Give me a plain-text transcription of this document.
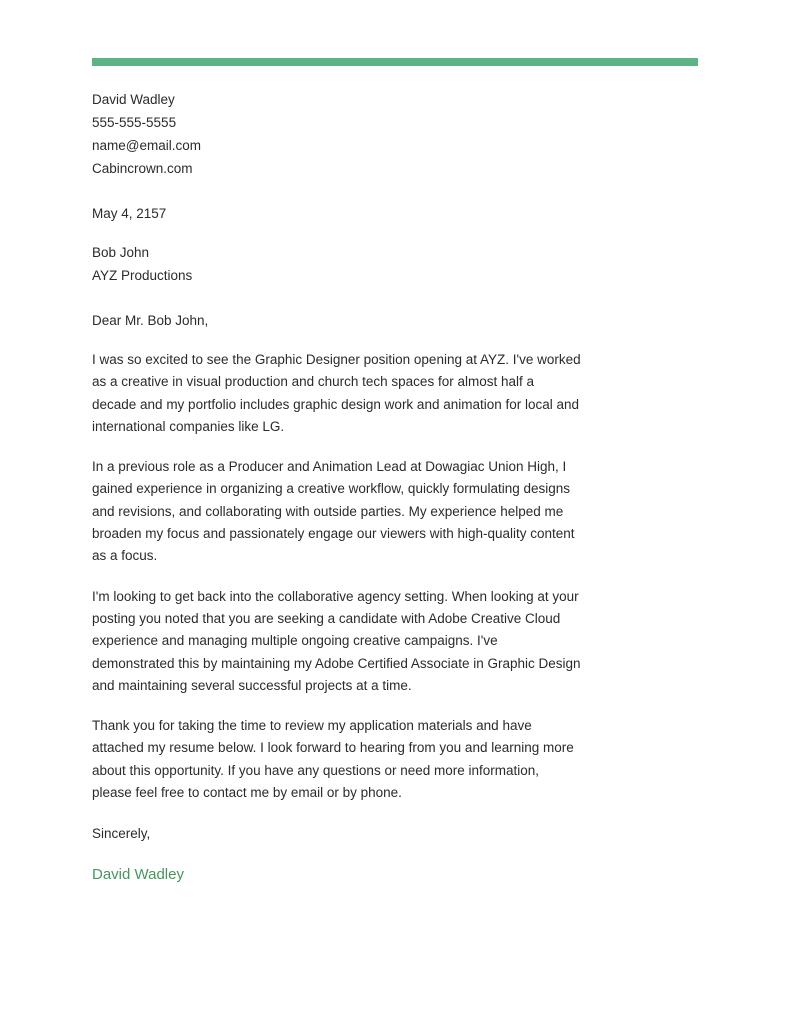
David Wadley
555-555-5555
name@email.com
Cabincrown.com
May 4, 2157
Bob John
AYZ Productions
Dear Mr. Bob John,

I was so excited to see the Graphic Designer position opening at AYZ. I've worked as a creative in visual production and church tech spaces for almost half a decade and my portfolio includes graphic design work and animation for local and international companies like LG.

In a previous role as a Producer and Animation Lead at Dowagiac Union High, I gained experience in organizing a creative workflow, quickly formulating designs and revisions, and collaborating with outside parties. My experience helped me broaden my focus and passionately engage our viewers with high-quality content as a focus.

I'm looking to get back into the collaborative agency setting. When looking at your posting you noted that you are seeking a candidate with Adobe Creative Cloud experience and managing multiple ongoing creative campaigns. I've demonstrated this by maintaining my Adobe Certified Associate in Graphic Design and maintaining several successful projects at a time.

Thank you for taking the time to review my application materials and have attached my resume below. I look forward to hearing from you and learning more about this opportunity. If you have any questions or need more information, please feel free to contact me by email or by phone.

Sincerely,
David Wadley
